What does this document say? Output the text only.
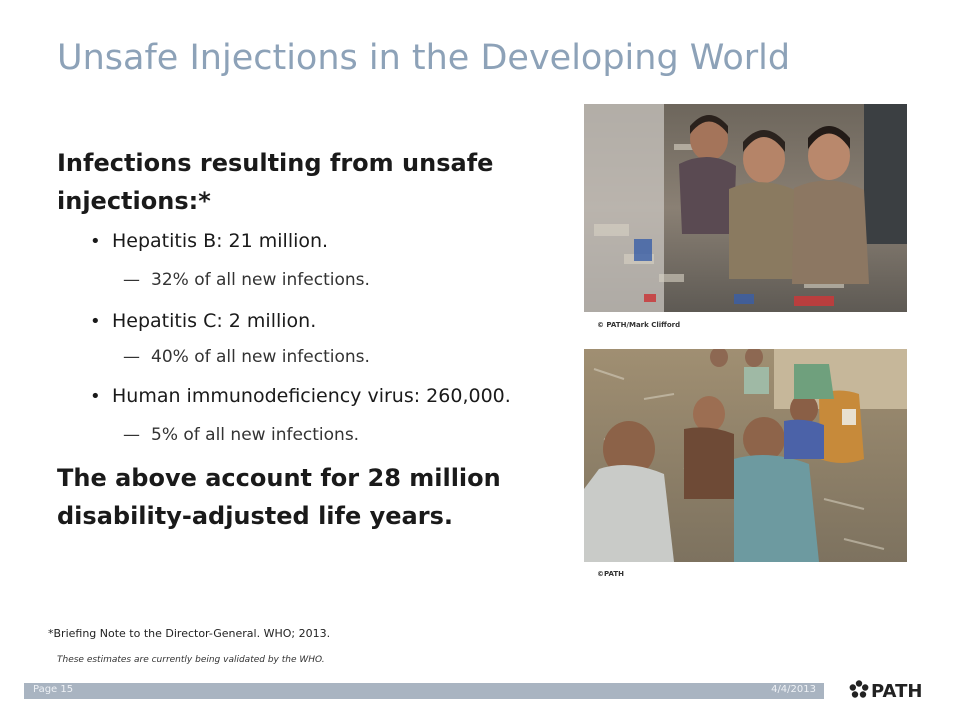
Unsafe Injections in the Developing World
Infections resulting from unsafe injections:*
• Hepatitis B: 21 million.
— 32% of all new infections.
• Hepatitis C: 2 million.
— 40% of all new infections.
• Human immunodeficiency virus: 260,000.
— 5% of all new infections.
The above account for 28 million disability-adjusted life years.
© PATH/Mark Clifford
©PATH
*Briefing Note to the Director-General. WHO; 2013.
These estimates are currently being validated by the WHO.
Page 15	4/4/2013	PATH
